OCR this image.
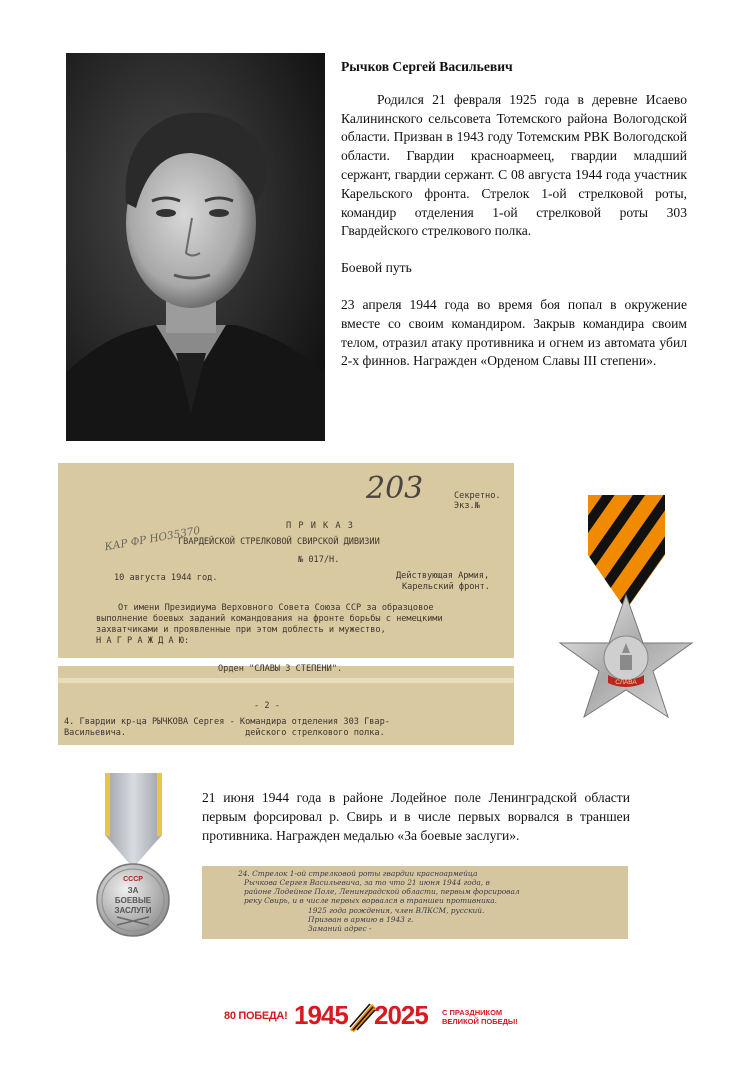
Рычков Сергей Васильевич

Родился 21 февраля 1925 года в деревне Исаево Калининского сельсовета Тотемского района Вологодской области. Призван в 1943 году Тотемским РВК Вологодской области. Гвардии красноармеец, гвардии младший сержант, гвардии сержант. С 08 августа 1944 года участник Карельского фронта. Стрелок 1-ой стрелковой роты, командир отделения 1-ой стрелковой роты 303 Гвардейского стрелкового полка.

Боевой путь

23 апреля 1944 года во время боя попал в окружение вместе со своим командиром. Закрыв командира своим телом, отразил атаку противника и огнем из автомата убил 2-х финнов. Награжден «Орденом Славы III степени».

203	Секретно. Экз.№
КАР ФР НО35370	П Р И К А З
ГВАРДЕЙСКОЙ СТРЕЛКОВОЙ СВИРСКОЙ ДИВИЗИИ
№ 017/Н.
10 августа 1944 год.	Действующая Армия,
Карельский фронт.
От имени Президиума Верховного Совета Союза ССР за образцовое
выполнение боевых заданий командования на фронте борьбы с немецкими
захватчиками и проявленные при этом доблесть и мужество,
Н А Г Р А Ж Д А Ю:
Орден "СЛАВЫ 3 СТЕПЕНИ".
- 2 -
4. Гвардии кр-ца РЫЧКОВА Сергея - Командира отделения 303 Гвар-
Васильевича.                       дейского стрелкового полка.
СЛАВА
СССР
ЗА
БОЕВЫЕ
ЗАСЛУГИ

21 июня 1944 года в районе Лодейное поле Ленинградской области первым форсировал р. Свирь и в числе первых ворвался в траншеи противника. Награжден медалью «За боевые заслуги».

24. Стрелок 1-ой стрелковой роты гвардии красноармейца
Рычкова Сергея Васильевича, за то что 21 июня 1944 года, в
районе Лодейное Поле, Ленинградской области, первым форсировал
реку Свирь, и в числе первых ворвался в траншеи противника.
1925 года рождения, член ВЛКСМ, русский.
Призван в армию в 1943 г.
Заманий адрес -
80 ПОБЕДА! 1945 2025 С ПРАЗДНИКОМ
ВЕЛИКОЙ ПОБЕДЫ!
